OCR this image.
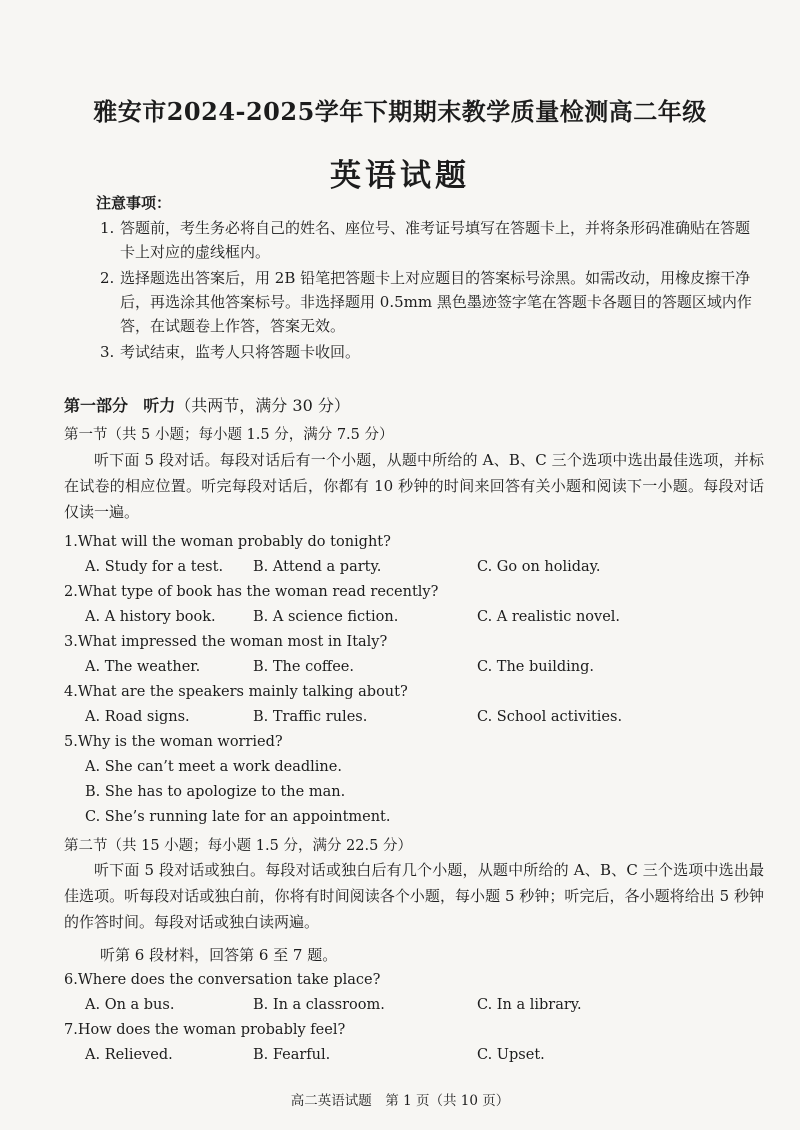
雅安市2024-2025学年下期期末教学质量检测高二年级
英语试题
注意事项：
1. 答题前，考生务必将自己的姓名、座位号、准考证号填写在答题卡上，并将条形码准确贴在答题卡上对应的虚线框内。
2. 选择题选出答案后，用 2B 铅笔把答题卡上对应题目的答案标号涂黑。如需改动，用橡皮擦干净后，再选涂其他答案标号。非选择题用 0.5mm 黑色墨迹签字笔在答题卡各题目的答题区域内作答，在试题卷上作答，答案无效。
3. 考试结束，监考人只将答题卡收回。
第一部分 听力（共两节，满分 30 分）
第一节（共 5 小题；每小题 1.5 分，满分 7.5 分）
听下面 5 段对话。每段对话后有一个小题，从题中所给的 A、B、C 三个选项中选出最佳选项，并标在试卷的相应位置。听完每段对话后，你都有 10 秒钟的时间来回答有关小题和阅读下一小题。每段对话仅读一遍。
1.What will the woman probably do tonight?
A. Study for a test.	B. Attend a party.	C. Go on holiday.
2.What type of book has the woman read recently?
A. A history book.	B. A science fiction.	C. A realistic novel.
3.What impressed the woman most in Italy?
A. The weather.	B. The coffee.	C. The building.
4.What are the speakers mainly talking about?
A. Road signs.	B. Traffic rules.	C. School activities.
5.Why is the woman worried?
A. She can’t meet a work deadline.
B. She has to apologize to the man.
C. She’s running late for an appointment.
第二节（共 15 小题；每小题 1.5 分，满分 22.5 分）
听下面 5 段对话或独白。每段对话或独白后有几个小题，从题中所给的 A、B、C 三个选项中选出最佳选项。听每段对话或独白前，你将有时间阅读各个小题，每小题 5 秒钟；听完后，各小题将给出 5 秒钟的作答时间。每段对话或独白读两遍。
听第 6 段材料，回答第 6 至 7 题。
6.Where does the conversation take place?
A. On a bus.	B. In a classroom.	C. In a library.
7.How does the woman probably feel?
A. Relieved.	B. Fearful.	C. Upset.
高二英语试题　第 1 页（共 10 页）
